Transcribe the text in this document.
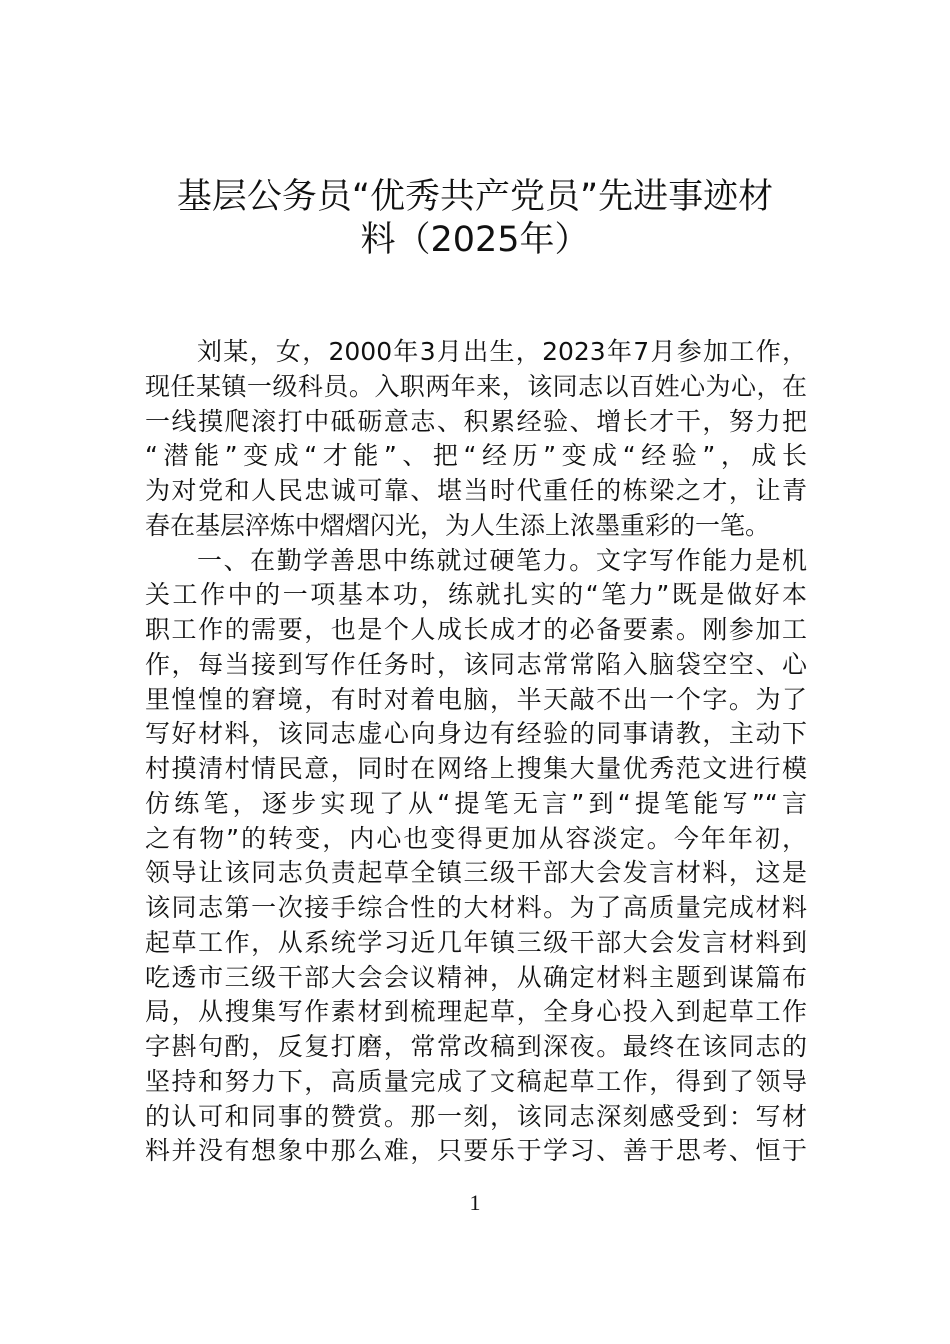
基层公务员“优秀共产党员”先进事迹材
料（2025年）
刘某，女，2000年3月出生，2023年7月参加工作，
现任某镇一级科员。入职两年来，该同志以百姓心为心，在
一线摸爬滚打中砥砺意志、积累经验、增长才干，努力把
“潜能”变成“才能”、把“经历”变成“经验”，成长
为对党和人民忠诚可靠、堪当时代重任的栋梁之才，让青
春在基层淬炼中熠熠闪光，为人生添上浓墨重彩的一笔。
一、在勤学善思中练就过硬笔力。文字写作能力是机
关工作中的一项基本功，练就扎实的“笔力”既是做好本
职工作的需要，也是个人成长成才的必备要素。刚参加工
作，每当接到写作任务时，该同志常常陷入脑袋空空、心
里惶惶的窘境，有时对着电脑，半天敲不出一个字。为了
写好材料，该同志虚心向身边有经验的同事请教，主动下
村摸清村情民意，同时在网络上搜集大量优秀范文进行模
仿练笔，逐步实现了从“提笔无言”到“提笔能写”“言
之有物”的转变，内心也变得更加从容淡定。今年年初，
领导让该同志负责起草全镇三级干部大会发言材料，这是
该同志第一次接手综合性的大材料。为了高质量完成材料
起草工作，从系统学习近几年镇三级干部大会发言材料到
吃透市三级干部大会会议精神，从确定材料主题到谋篇布
局，从搜集写作素材到梳理起草，全身心投入到起草工作
字斟句酌，反复打磨，常常改稿到深夜。最终在该同志的
坚持和努力下，高质量完成了文稿起草工作，得到了领导
的认可和同事的赞赏。那一刻，该同志深刻感受到：写材
料并没有想象中那么难，只要乐于学习、善于思考、恒于
1
